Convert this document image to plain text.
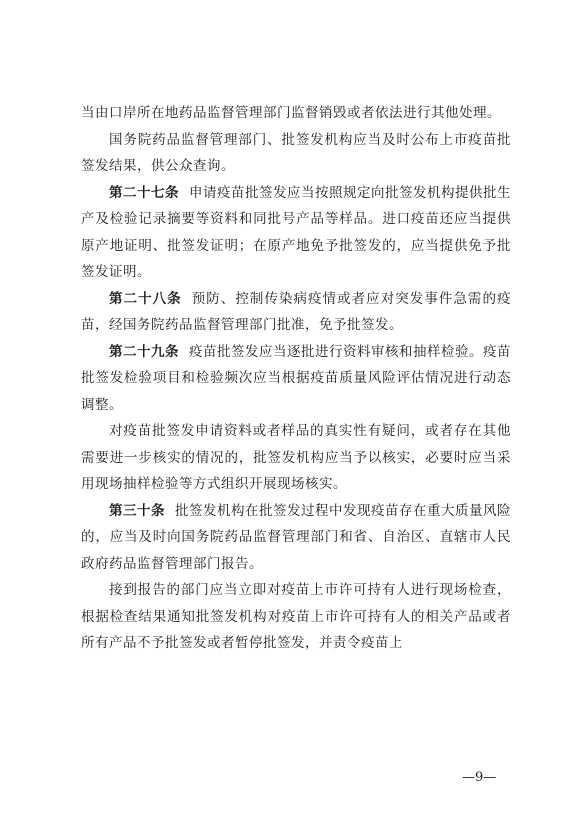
当由口岸所在地药品监督管理部门监督销毁或者依法进行其他处理。

国务院药品监督管理部门、批签发机构应当及时公布上市疫苗批签发结果，供公众查询。

第二十七条 申请疫苗批签发应当按照规定向批签发机构提供批生产及检验记录摘要等资料和同批号产品等样品。进口疫苗还应当提供原产地证明、批签发证明；在原产地免予批签发的，应当提供免予批签发证明。

第二十八条 预防、控制传染病疫情或者应对突发事件急需的疫苗，经国务院药品监督管理部门批准，免予批签发。

第二十九条 疫苗批签发应当逐批进行资料审核和抽样检验。疫苗批签发检验项目和检验频次应当根据疫苗质量风险评估情况进行动态调整。

对疫苗批签发申请资料或者样品的真实性有疑问，或者存在其他需要进一步核实的情况的，批签发机构应当予以核实，必要时应当采用现场抽样检验等方式组织开展现场核实。

第三十条 批签发机构在批签发过程中发现疫苗存在重大质量风险的，应当及时向国务院药品监督管理部门和省、自治区、直辖市人民政府药品监督管理部门报告。

接到报告的部门应当立即对疫苗上市许可持有人进行现场检查，根据检查结果通知批签发机构对疫苗上市许可持有人的相关产品或者所有产品不予批签发或者暂停批签发，并责令疫苗上

—9—
